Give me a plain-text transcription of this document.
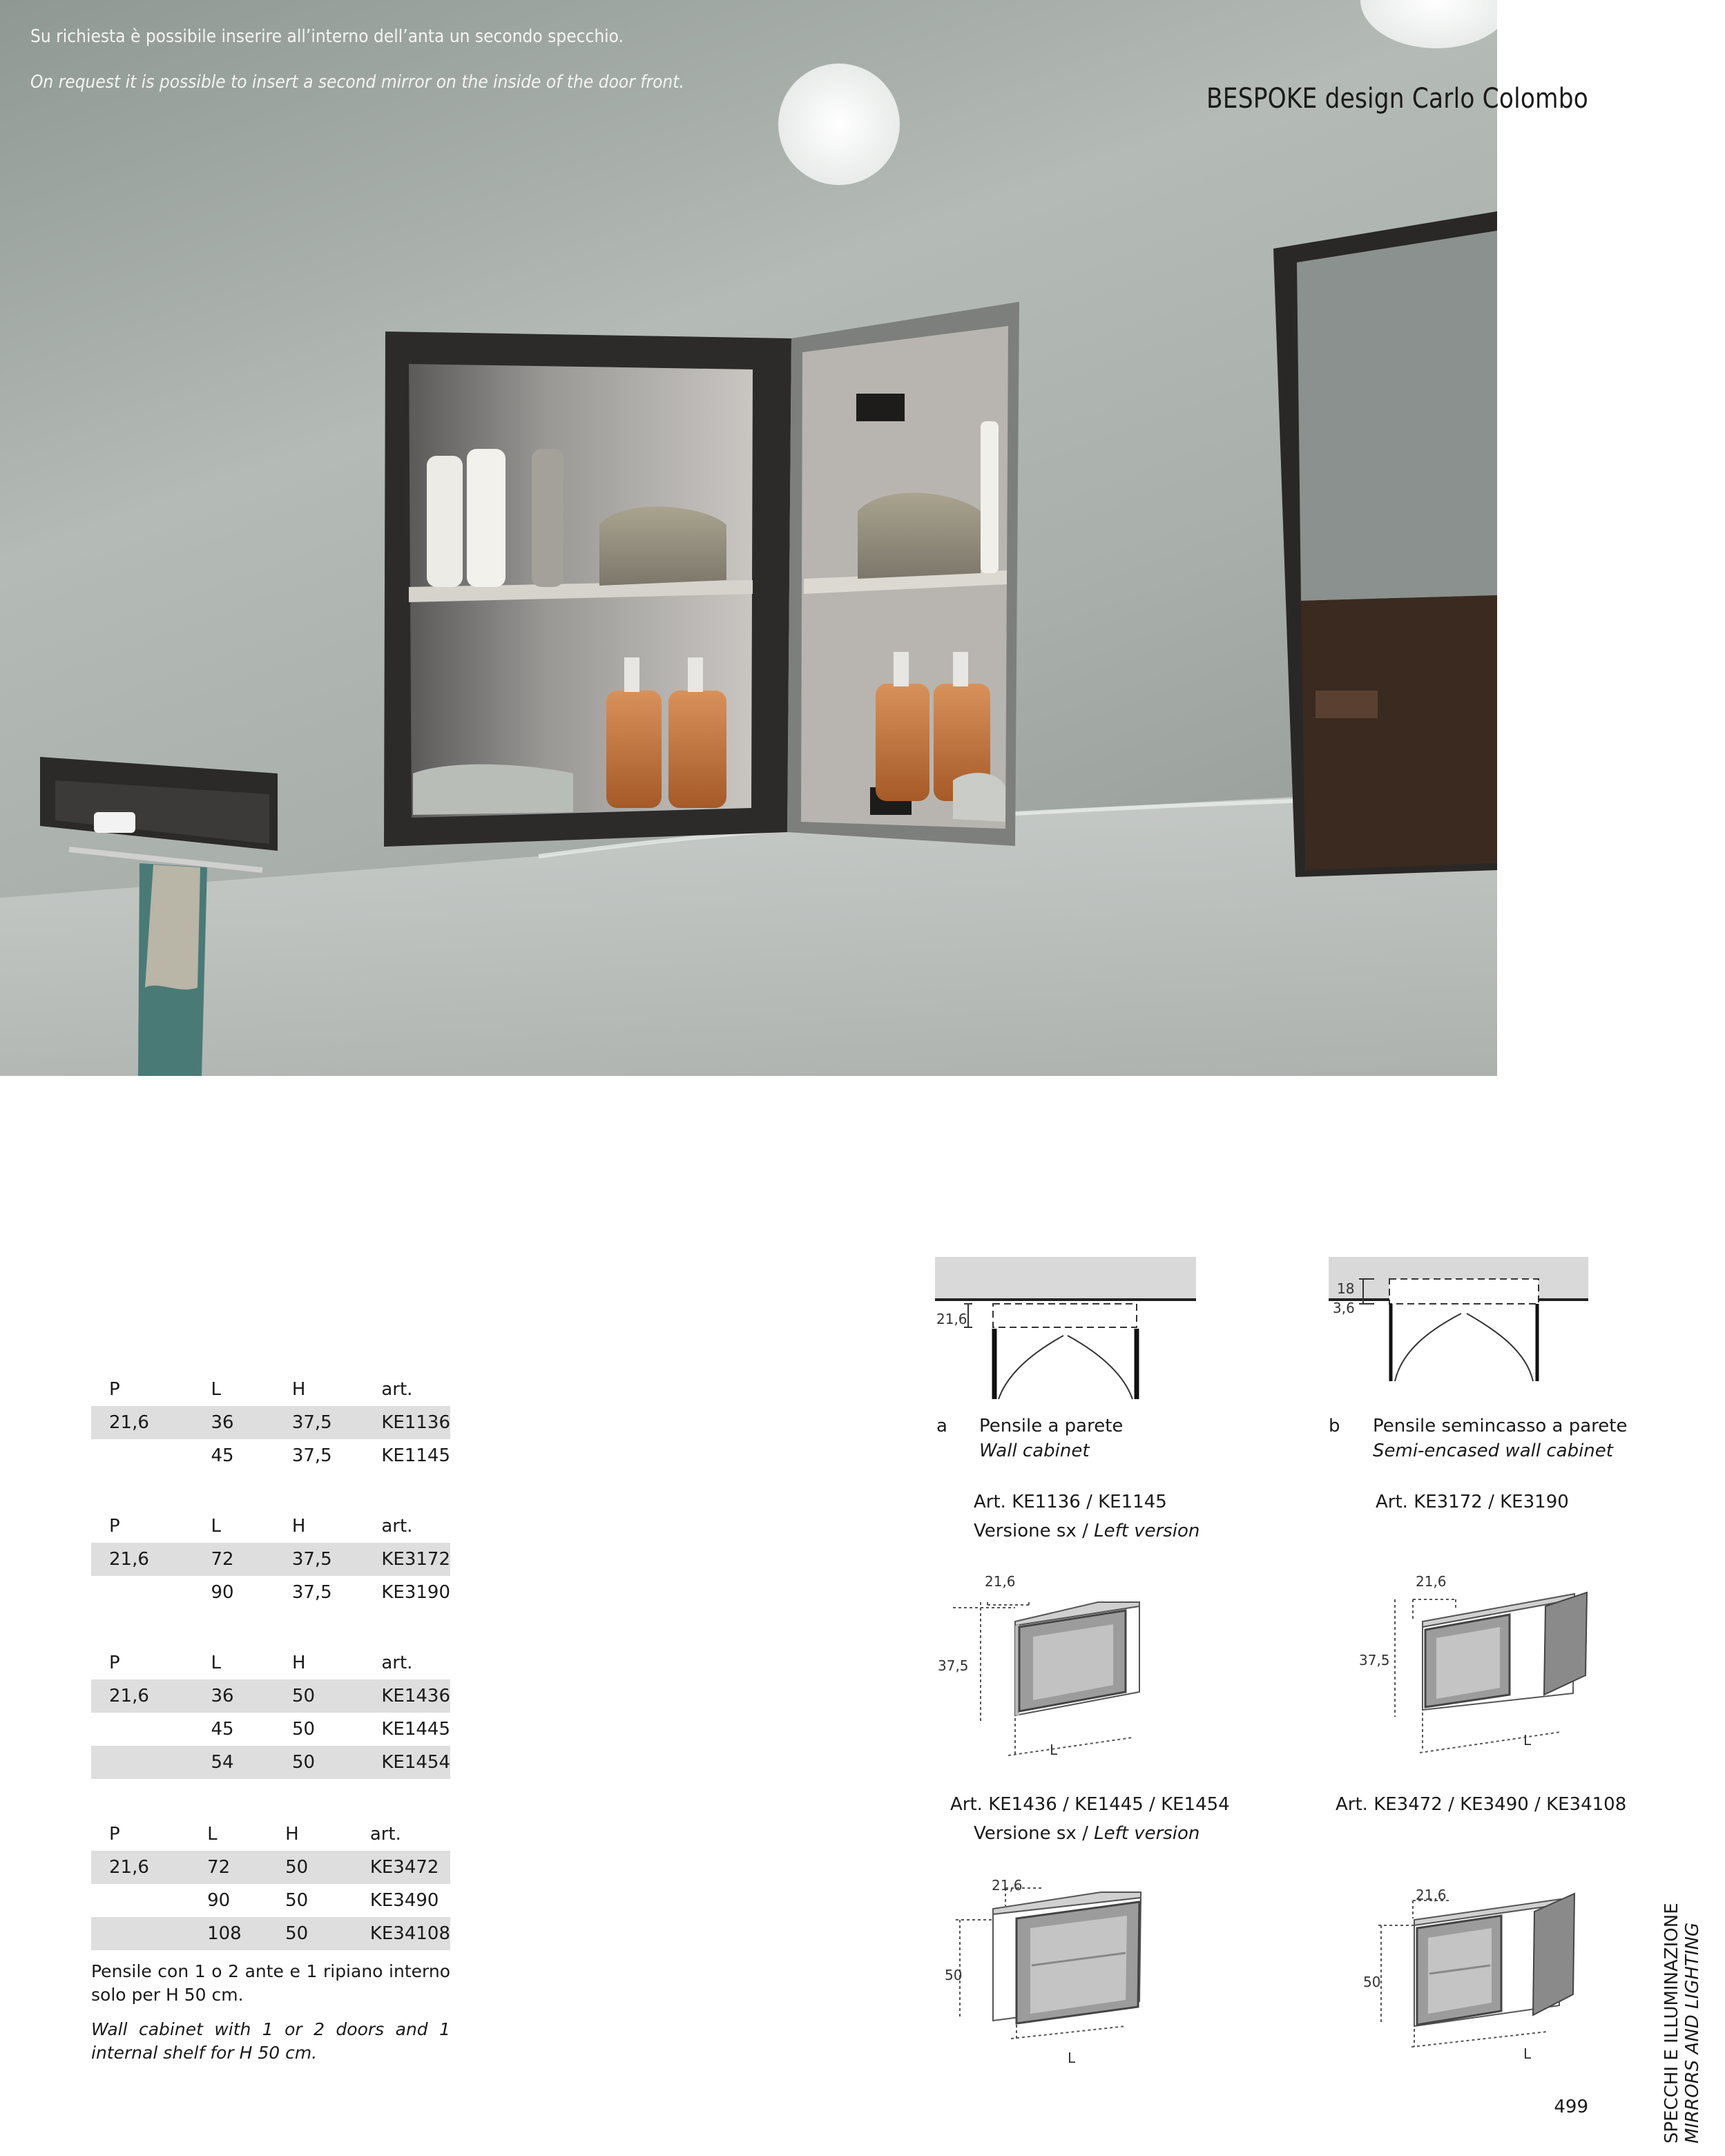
BESPOKE design Carlo Colombo
Su richiesta è possibile inserire all’interno dell’anta un secondo specchio.
On request it is possible to insert a second mirror on the inside of the door front.
P	L	H	art.
21,6	36	37,5	KE1136
	45	37,5	KE1145
P	L	H	art.
21,6	72	37,5	KE3172
	90	37,5	KE3190
P	L	H	art.
21,6	36	50	KE1436
	45	50	KE1445
	54	50	KE1454
P	L	H	art.
21,6	72	50	KE3472
	90	50	KE3490
	108	50	KE34108
Pensile con 1 o 2 ante e 1 ripiano interno solo per H 50 cm.
Wall cabinet with 1 or 2 doors and 1 internal shelf for H 50 cm.
21,6
18
3,6
a Pensile a parete
Wall cabinet
Art. KE1136 / KE1145
Versione sx / Left version
Art. KE1436 / KE1445 / KE1454
Versione sx / Left version
b Pensile semincasso a parete
Semi-encased wall cabinet
Art. KE3172 / KE3190
Art. KE3472 / KE3490 / KE34108
21,6
37,5
L
21,6
37,5
L
21,6
50
L
21,6
50
L	SPECCHI E ILLUMINAZIONE MIRRORS AND LIGHTING
499
